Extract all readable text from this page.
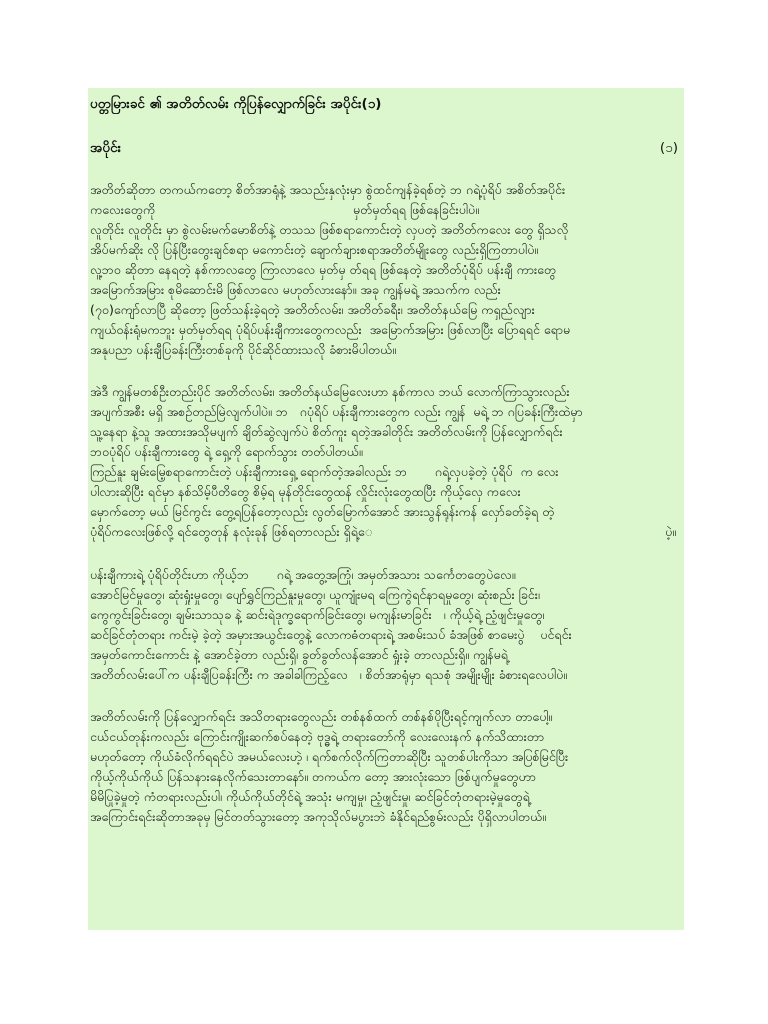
ပတ္တမြားခင် ၏ အတိတ်လမ်း ကိုပြန်လျှောက်ခြင်း အပိုင်း(၁)
အပိုင်း	(၁)
အတိတ်ဆိုတာ တကယ်ကတော့ စိတ်အာရုံနဲ့ အသည်းနှလုံးမှာ စွဲထင်ကျန်ခဲ့ရစ်တဲ့ ဘ ဂရဲ့ပုံရိပ် အစိတ်အပိုင်း
ကလေးတွေကို	မှတ်မှတ်ရရ ဖြစ်နေခြင်းပါပဲ။
လူတိုင်း လူတိုင်း မှာ စွဲလမ်းမက်မောစိတ်နဲ့ တသသ ဖြစ်စရာကောင်းတဲ့ လှပတဲ့ အတိတ်ကလေး တွေ ရှိသလို
အိပ်မက်ဆိုး လို ပြန်ပြီးတွေးချင်စရာ မကောင်းတဲ့ ချောက်ချားစရာအတိတ်မျိုးတွေ လည်းရှိကြတာပါပဲ။
လူ့ဘဝ ဆိုတာ နေရတဲ့ နစ်ကာလတွေ ကြာလာလေ မှတ်မှ တ်ရရ ဖြစ်နေတဲ့ အတိတ်ပုံရိပ် ပန်းချီ ကားတွေ
အမြောက်အမြား စုမိဆောင်းမိ ဖြစ်လာလေ မဟုတ်လားနော်။ အခု ကျွန်မရဲ့ အသက်က လည်း
(၇၀)ကျော်လာပြီ ဆိုတော့ ဖြတ်သန်းခဲ့ရတဲ့ အတိတ်လမ်း၊ အတိတ်ခရီး၊ အတိတ်နယ်မြေ ကရှည်လျား
ကျယ်ဝန်းရုံမကဘူး မှတ်မှတ်ရရ ပုံရိပ်ပန်းချီကားတွေကလည်း  အမြောက်အမြား ဖြစ်လာပြီး ပြောရရင် ရောမ
အနုပညာ ပန်းချီပြခန်းကြီးတစ်ခုကို ပိုင်ဆိုင်ထားသလို ခံစားမိပါတယ်။
အဲဒီ ကျွန်မတစ်ဦးတည်းပိုင် အတိတ်လမ်း၊ အတိတ်နယ်မြေလေးဟာ နစ်ကာလ ဘယ် လောက်ကြာသွားလည်း
အပျက်အစီး မရှိ အစဉ်တည်မြဲလျက်ပါပဲ။ ဘ   ဂပုံရိပ် ပန်းချီကားတွေက လည်း ကျွန်  မရဲ့ ဘ ဂပြခန်းကြီးထဲမှာ
သူ့နေရာ နဲ့သူ အထားအသိုမပျက် ချိတ်ဆွဲလျက်ပဲ စိတ်ကူး ရတဲ့အခါတိုင်း အတိတ်လမ်းကို ပြန်လျှောက်ရင်း
ဘဝပုံရိပ် ပန်းချီကားတွေ ရဲ့ ရှေ့ကို ရောက်သွား တတ်ပါတယ်။
ကြည်နူး ချမ်းမြေ့စရာကောင်းတဲ့ ပန်းချီကားရှေ့ ရောက်တဲ့အခါလည်း ဘ       ဂရဲ့လှပခဲ့တဲ့ ပုံရိပ်  က လေး
ပါလားဆိုပြီး ရင်မှာ နစ်သိမ့်ပီတိတွေ စိမ့်ရ မုန်တိုင်းတွေထန် လှိုင်းလုံးတွေထပြီး ကိုယ့်လှေ ကလေး
မှောက်တော့ မယ် မြင်ကွင်း တွေ့ရပြန်တော့လည်း လွတ်မြောက်အောင် အားသွန်ရုန်းကန် လှော်ခတ်ခဲ့ရ တဲ့
ပုံရိပ်ကလေးဖြစ်လို့ ရင်တွေတုန် နလုံးခုန် ဖြစ်ရတာလည်း ရှိရဲ့ေ	ပဲ့။
ပန်းချီကားရဲ့ ပုံရိပ်တိုင်းဟာ ကိုယ့်ဘ       ဂရဲ့ အတွေ့အကြုံ၊ အမှတ်အသား သင်္ကေတတွေပဲလေ။
အောင်မြင်မှုတွေ၊ ဆုံးရှုံးမှုတွေ၊ ပျော်ရွှင်ကြည်နူးမှုတွေ၊ ယူကျုံးမရ ကြေကွဲရင်နာရမှုတွေ၊ ဆုံးစည်း ခြင်း၊
ကွေကွင်းခြင်းတွေ၊ ချမ်းသာသုခ နဲ့ ဆင်းရဲဒုက္ခရောက်ခြင်းတွေ၊ မကျန်းမာခြင်း   ၊ ကိုယ့်ရဲ့ ညံ့ဖျင်းမှုတွေ၊
ဆင်ခြင်တုံတရား ကင်းမဲ့ ခဲ့တဲ့ အမှားအယွင်းတွေနဲ့ လောကဓံတရားရဲ့ အစမ်းသပ် ခံအဖြစ် စာမေးပွဲ    ပင်ရင်း
အမှတ်ကောင်းကောင်း နဲ့ အောင်ခဲ့တာ လည်းရှိ၊ ခွတ်ခွတ်လန်အောင် ရှုံးခဲ့ တာလည်းရှိ။ ကျွန်မရဲ့
အတိတ်လမ်းပေါ်က ပန်းချီပြခန်းကြီး က အခါခါကြည့်လေ   ၊ စိတ်အာရုံမှာ ရသစုံ အမျိုးမျိုး ခံစားရလေပါပဲ။
အတိတ်လမ်းကို ပြန်လျှောက်ရင်း အသိတရားတွေလည်း တစ်နစ်ထက် တစ်နစ်ပိုပြီးရင့်ကျက်လာ တာပေါ့။
ငယ်ငယ်တုန်းကလည်း ကြောင်းကျိုးဆက်စပ်နေတဲ့ ဗုဒ္ဓရဲ့ တရားတော်ကို လေးလေးနက် နက်သိထားတာ
မဟုတ်တော့ ကိုယ်ခံလိုက်ရရင်ပဲ အမယ်လေးဟဲ့ ၊ ရက်စက်လိုက်ကြတာဆိုပြီး သူတစ်ပါးကိုသာ အပြစ်မြင်ပြီး
ကိုယ့်ကိုယ်ကိုယ် ပြန်သနားနေလိုက်သေးတာနော်။ တကယ်က တော့ အားလုံးသော ဖြစ်ပျက်မှုတွေဟာ
မိမိပြုခဲ့မှုတဲ့ ကံတရားလည်းပါ၊ ကိုယ်ကိုယ်တိုင်ရဲ့ အသုံး မကျမှု၊ ညံ့ဖျင်းမှု၊ ဆင်ခြင်တုံတရားမဲ့မှုတွေရဲ့
အကြောင်းရင်းဆိုတာအခုမှ မြင်တတ်သွားတော့ အကုသိုလ်မပွားဘဲ ခံနိုင်ရည်စွမ်းလည်း ပိုရှိလာပါတယ်။
